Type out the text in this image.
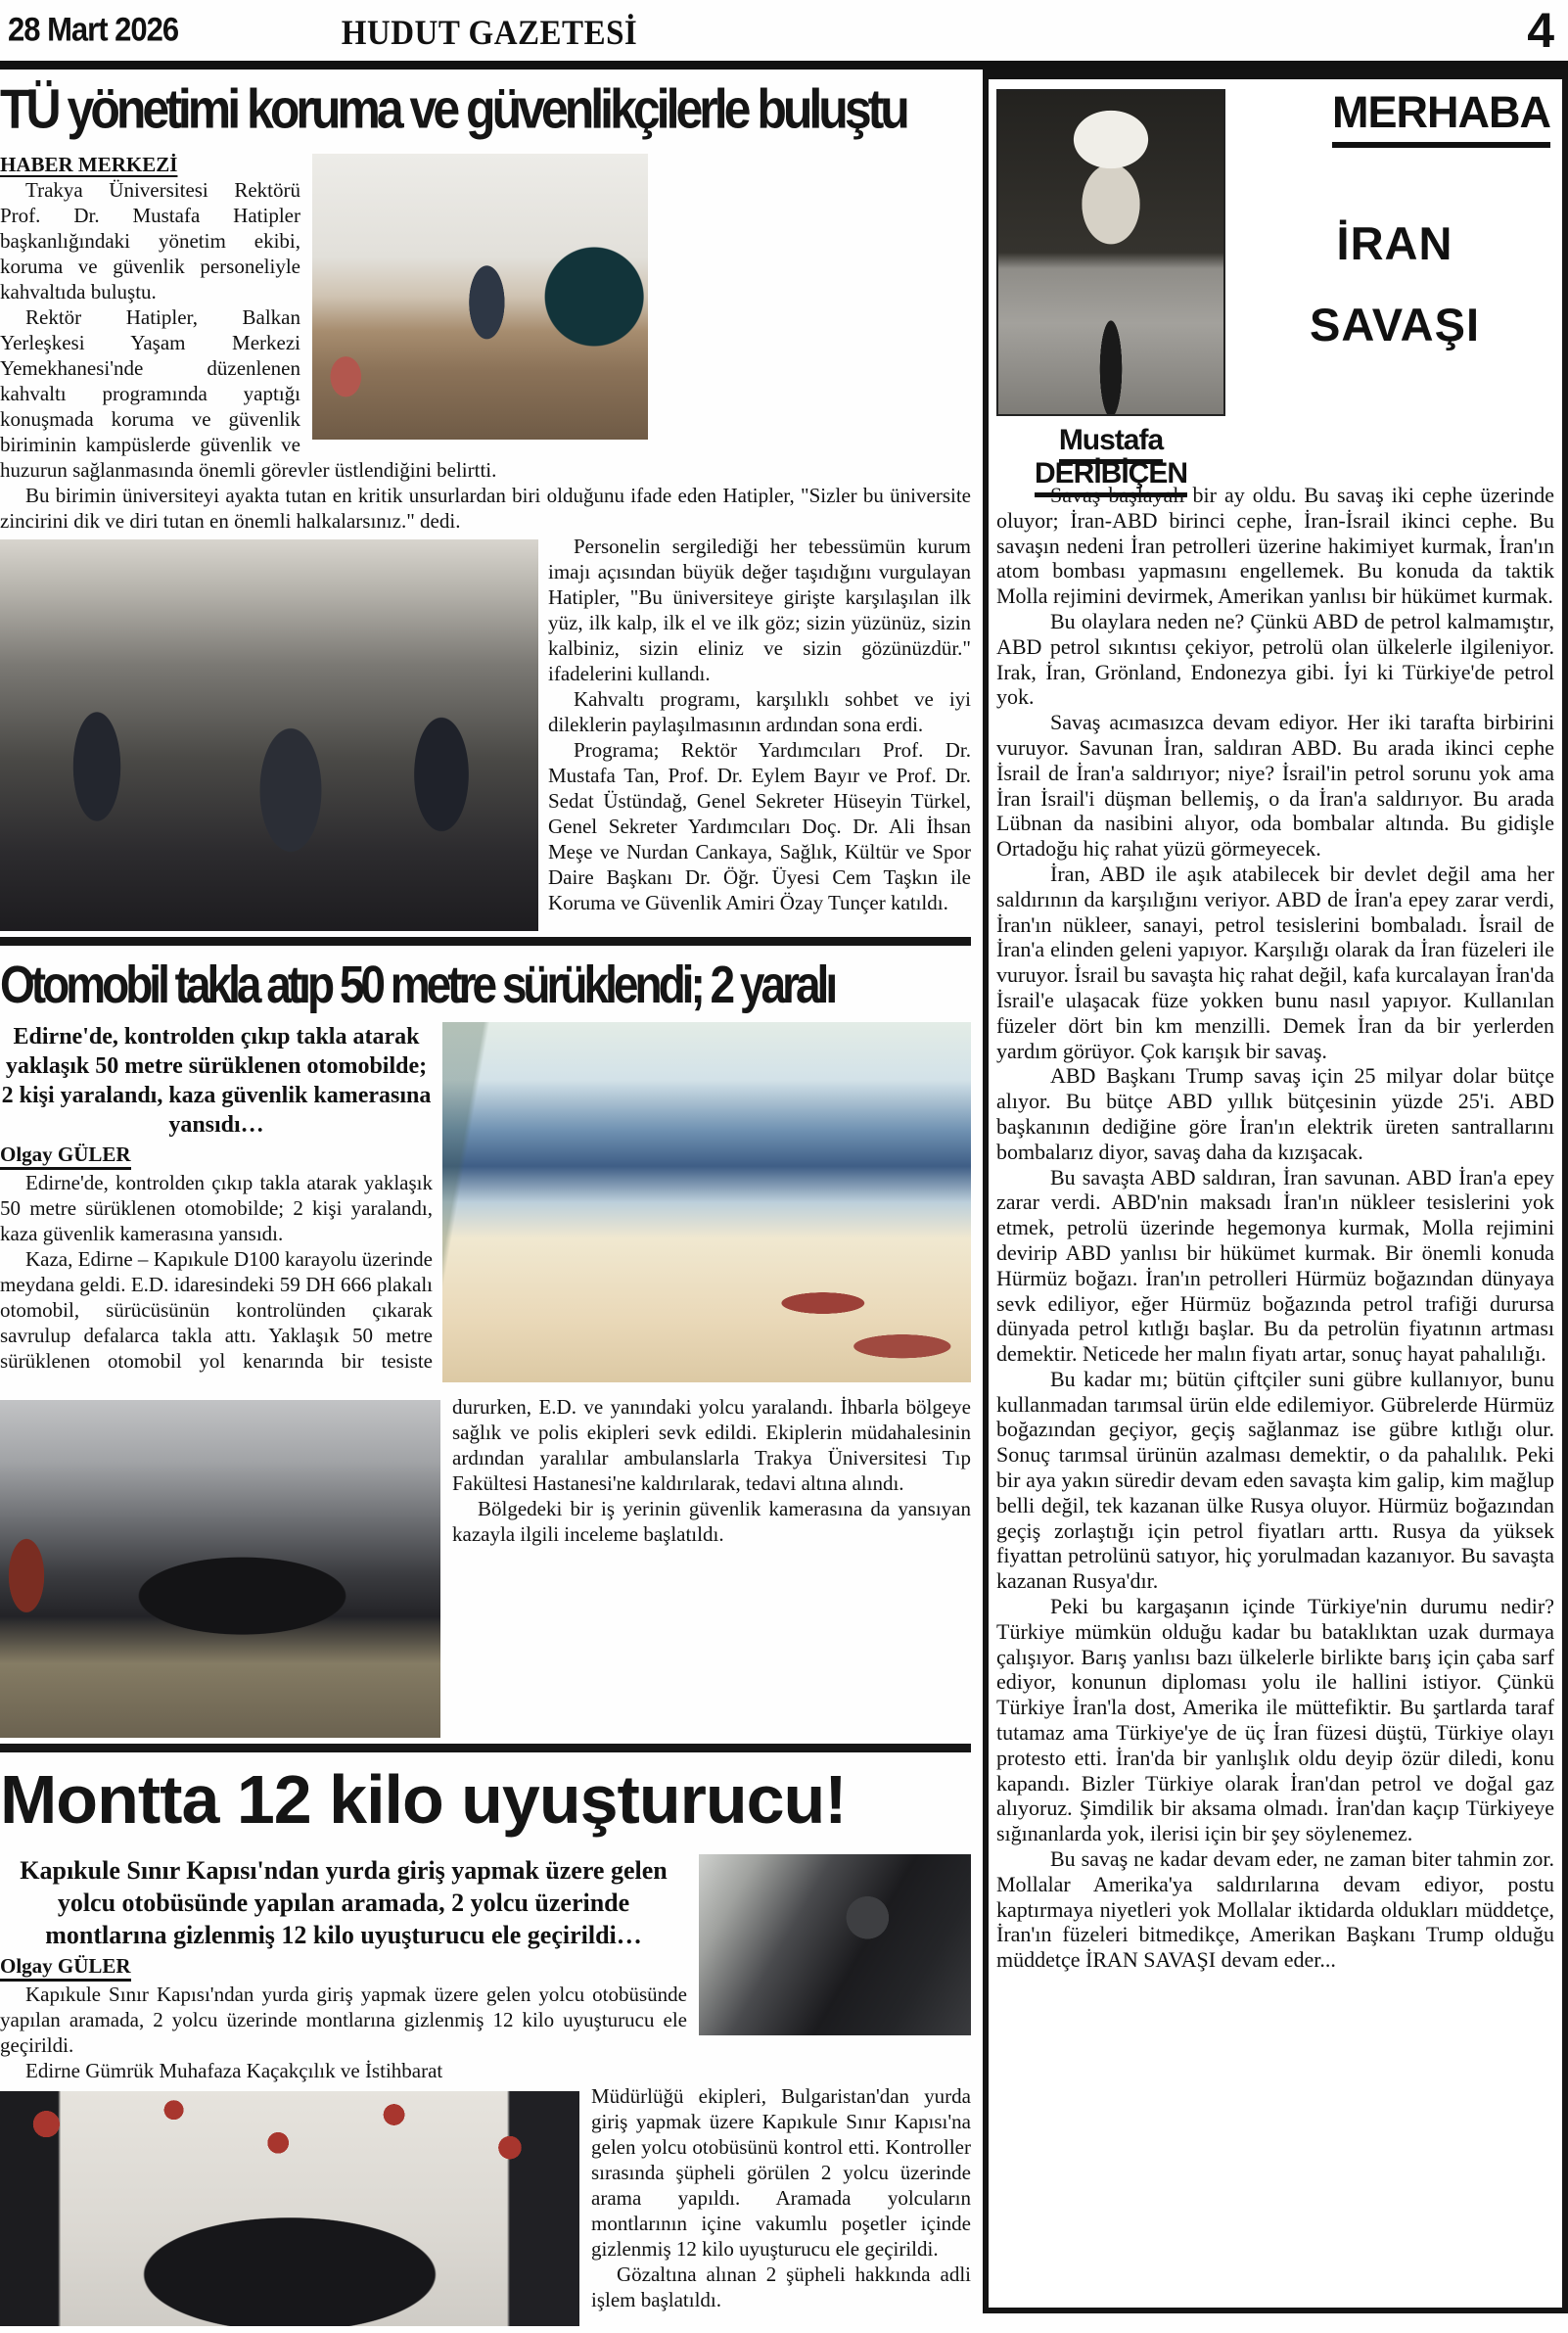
28 Mart 2026	HUDUT GAZETESİ	4
TÜ yönetimi koruma ve güvenlikçilerle buluştu

HABER MERKEZİ

Trakya Üniversitesi Rektörü Prof. Dr. Mustafa Hatipler başkanlığındaki yönetim ekibi, koruma ve güvenlik personeliyle kahvaltıda buluştu.

Rektör Hatipler, Balkan Yerleşkesi Yaşam Merkezi Yemekhanesi'nde düzenlenen kahvaltı programında yaptığı konuşmada koruma ve güvenlik biriminin kampüslerde güvenlik ve huzurun sağlanmasında önemli görevler üstlendiğini belirtti.

Bu birimin üniversiteyi ayakta tutan en kritik unsurlardan biri olduğunu ifade eden Hatipler, "Sizler bu üniversite zincirini dik ve diri tutan en önemli halkalarsınız." dedi.

Personelin sergilediği her tebessümün kurum imajı açısından büyük değer taşıdığını vurgulayan Hatipler, "Bu üniversiteye girişte karşılaşılan ilk yüz, ilk kalp, ilk el ve ilk göz; sizin yüzünüz, sizin kalbiniz, sizin eliniz ve sizin gözünüzdür." ifadelerini kullandı.

Kahvaltı programı, karşılıklı sohbet ve iyi dileklerin paylaşılmasının ardından sona erdi.

Programa; Rektör Yardımcıları Prof. Dr. Mustafa Tan, Prof. Dr. Eylem Bayır ve Prof. Dr. Sedat Üstündağ, Genel Sekreter Hüseyin Türkel, Genel Sekreter Yardımcıları Doç. Dr. Ali İhsan Meşe ve Nurdan Cankaya, Sağlık, Kültür ve Spor Daire Başkanı Dr. Öğr. Üyesi Cem Taşkın ile Koruma ve Güvenlik Amiri Özay Tunçer katıldı.

Otomobil takla atıp 50 metre sürüklendi; 2 yaralı

Edirne'de, kontrolden çıkıp takla atarak yaklaşık 50 metre sürüklenen otomobilde; 2 kişi yaralandı, kaza güvenlik kamerasına yansıdı…

Olgay GÜLER

Edirne'de, kontrolden çıkıp takla atarak yaklaşık 50 metre sürüklenen otomobilde; 2 kişi yaralandı, kaza güvenlik kamerasına yansıdı.

Kaza, Edirne – Kapıkule D100 karayolu üzerinde meydana geldi. E.D. idaresindeki 59 DH 666 plakalı otomobil, sürücüsünün kontrolünden çıkarak savrulup defalarca takla attı. Yaklaşık 50 metre sürüklenen otomobil yol kenarında bir tesiste dururken, E.D. ve yanındaki yolcu yaralandı. İhbarla bölgeye sağlık ve polis ekipleri sevk edildi. Ekiplerin müdahalesinin ardından yaralılar ambulanslarla Trakya Üniversitesi Tıp Fakültesi Hastanesi'ne kaldırılarak, tedavi altına alındı.

Bölgedeki bir iş yerinin güvenlik kamerasına da yansıyan kazayla ilgili inceleme başlatıldı.

Montta 12 kilo uyuşturucu!

Kapıkule Sınır Kapısı'ndan yurda giriş yapmak üzere gelen yolcu otobüsünde yapılan aramada, 2 yolcu üzerinde montlarına gizlenmiş 12 kilo uyuşturucu ele geçirildi…

Olgay GÜLER

Kapıkule Sınır Kapısı'ndan yurda giriş yapmak üzere gelen yolcu otobüsünde yapılan aramada, 2 yolcu üzerinde montlarına gizlenmiş 12 kilo uyuşturucu ele geçirildi.

Edirne Gümrük Muhafaza Kaçakçılık ve İstihbarat

Müdürlüğü ekipleri, Bulgaristan'dan yurda giriş yapmak üzere Kapıkule Sınır Kapısı'na gelen yolcu otobüsünü kontrol etti. Kontroller sırasında şüpheli görülen 2 yolcu üzerinde arama yapıldı. Aramada yolcuların montlarının içine vakumlu poşetler içinde gizlenmiş 12 kilo uyuşturucu ele geçirildi.

Gözaltına alınan 2 şüpheli hakkında adli işlem başlatıldı.

MERHABA
İRAN
SAVAŞI
Mustafa DERİBİÇEN

Savaş başlayalı bir ay oldu. Bu savaş iki cephe üzerinde oluyor; İran-ABD birinci cephe, İran-İsrail ikinci cephe. Bu savaşın nedeni İran petrolleri üzerine hakimiyet kurmak, İran'ın atom bombası yapmasını engellemek. Bu konuda da taktik Molla rejimini devirmek, Amerikan yanlısı bir hükümet kurmak.

Bu olaylara neden ne? Çünkü ABD de petrol kalmamıştır, ABD petrol sıkıntısı çekiyor, petrolü olan ülkelerle ilgileniyor. Irak, İran, Grönland, Endonezya gibi. İyi ki Türkiye'de petrol yok.

Savaş acımasızca devam ediyor. Her iki tarafta birbirini vuruyor. Savunan İran, saldıran ABD. Bu arada ikinci cephe İsrail de İran'a saldırıyor; niye? İsrail'in petrol sorunu yok ama İran İsrail'i düşman bellemiş, o da İran'a saldırıyor. Bu arada Lübnan da nasibini alıyor, oda bombalar altında. Bu gidişle Ortadoğu hiç rahat yüzü görmeyecek.

İran, ABD ile aşık atabilecek bir devlet değil ama her saldırının da karşılığını veriyor. ABD de İran'a epey zarar verdi, İran'ın nükleer, sanayi, petrol tesislerini bombaladı. İsrail de İran'a elinden geleni yapıyor. Karşılığı olarak da İran füzeleri ile vuruyor. İsrail bu savaşta hiç rahat değil, kafa kurcalayan İran'da İsrail'e ulaşacak füze yokken bunu nasıl yapıyor. Kullanılan füzeler dört bin km menzilli. Demek İran da bir yerlerden yardım görüyor. Çok karışık bir savaş.

ABD Başkanı Trump savaş için 25 milyar dolar bütçe alıyor. Bu bütçe ABD yıllık bütçesinin yüzde 25'i. ABD başkanının dediğine göre İran'ın elektrik üreten santrallarını bombalarız diyor, savaş daha da kızışacak.

Bu savaşta ABD saldıran, İran savunan. ABD İran'a epey zarar verdi. ABD'nin maksadı İran'ın nükleer tesislerini yok etmek, petrolü üzerinde hegemonya kurmak, Molla rejimini devirip ABD yanlısı bir hükümet kurmak. Bir önemli konuda Hürmüz boğazı. İran'ın petrolleri Hürmüz boğazından dünyaya sevk ediliyor, eğer Hürmüz boğazında petrol trafiği durursa dünyada petrol kıtlığı başlar. Bu da petrolün fiyatının artması demektir. Neticede her malın fiyatı artar, sonuç hayat pahalılığı.

Bu kadar mı; bütün çiftçiler suni gübre kullanıyor, bunu kullanmadan tarımsal ürün elde edilemiyor. Gübrelerde Hürmüz boğazından geçiyor, geçiş sağlanmaz ise gübre kıtlığı olur. Sonuç tarımsal ürünün azalması demektir, o da pahalılık. Peki bir aya yakın süredir devam eden savaşta kim galip, kim mağlup belli değil, tek kazanan ülke Rusya oluyor. Hürmüz boğazından geçiş zorlaştığı için petrol fiyatları arttı. Rusya da yüksek fiyattan petrolünü satıyor, hiç yorulmadan kazanıyor. Bu savaşta kazanan Rusya'dır.

Peki bu kargaşanın içinde Türkiye'nin durumu nedir? Türkiye mümkün olduğu kadar bu bataklıktan uzak durmaya çalışıyor. Barış yanlısı bazı ülkelerle birlikte barış için çaba sarf ediyor, konunun diploması yolu ile hallini istiyor. Çünkü Türkiye İran'la dost, Amerika ile müttefiktir. Bu şartlarda taraf tutamaz ama Türkiye'ye de üç İran füzesi düştü, Türkiye olayı protesto etti. İran'da bir yanlışlık oldu deyip özür diledi, konu kapandı. Bizler Türkiye olarak İran'dan petrol ve doğal gaz alıyoruz. Şimdilik bir aksama olmadı. İran'dan kaçıp Türkiyeye sığınanlarda yok, ilerisi için bir şey söylenemez.

Bu savaş ne kadar devam eder, ne zaman biter tahmin zor. Mollalar Amerika'ya saldırılarına devam ediyor, postu kaptırmaya niyetleri yok Mollalar iktidarda oldukları müddetçe, İran'ın füzeleri bitmedikçe, Amerikan Başkanı Trump olduğu müddetçe İRAN SAVAŞI devam eder...
